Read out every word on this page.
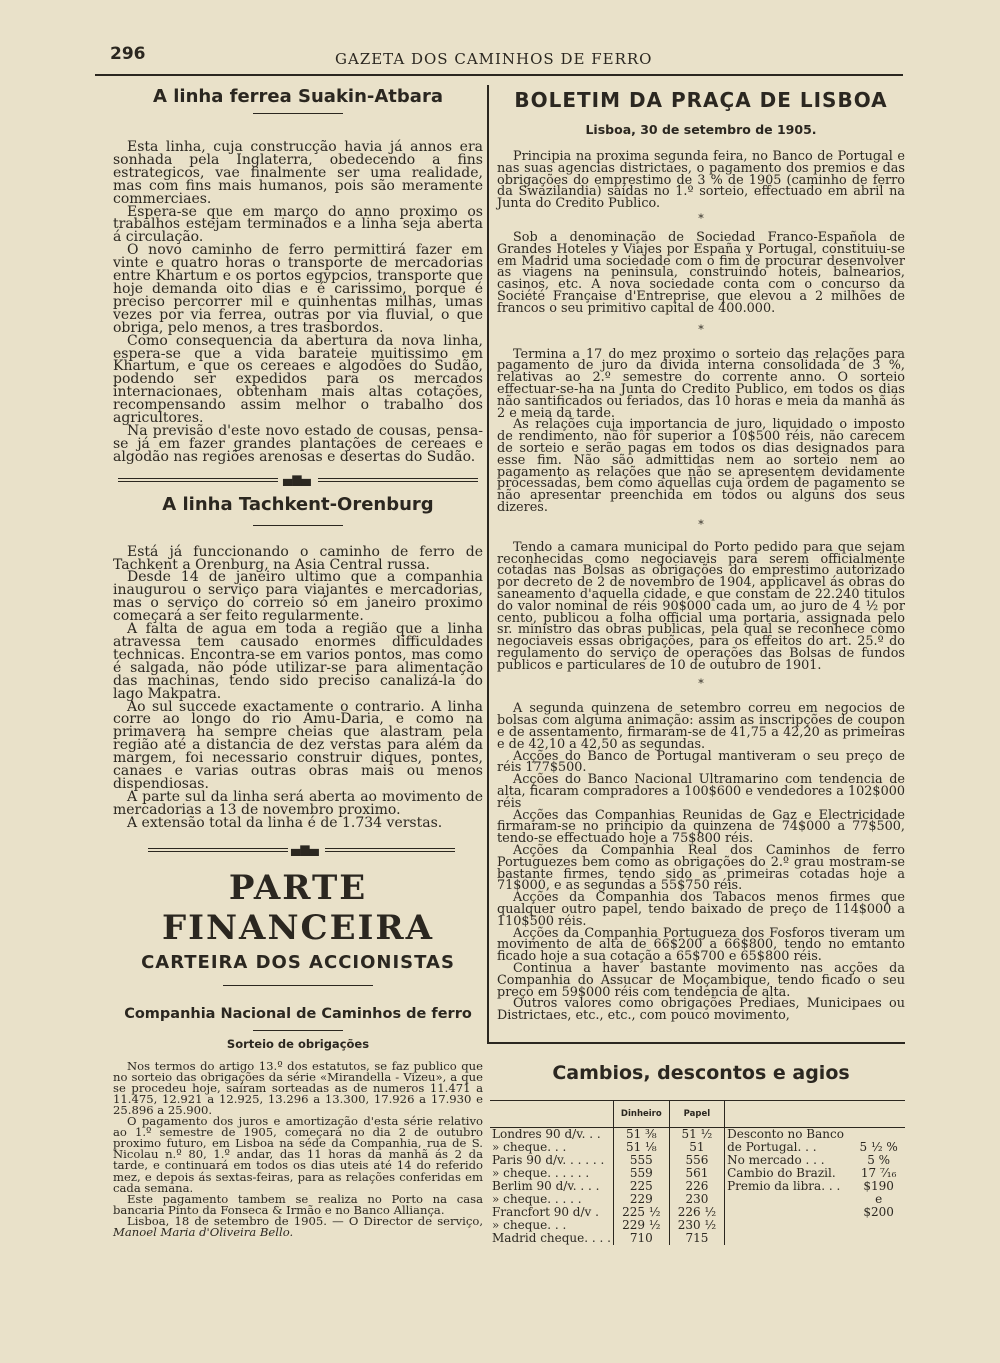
296	GAZETA DOS CAMINHOS DE FERRO
A linha ferrea Suakin-Atbara

Esta linha, cuja construcção havia já annos era sonhada pela Inglaterra, obedecendo a fins estrategicos, vae finalmente ser uma realidade, mas com fins mais humanos, pois são meramente commerciaes.

Espera-se que em março do anno proximo os trabalhos estejam terminados e a linha seja aberta á circulação.

O novo caminho de ferro permittirá fazer em vinte e quatro horas o transporte de mercadorias entre Khartum e os portos egypcios, transporte que hoje demanda oito dias e é carissimo, porque é preciso percorrer mil e quinhentas milhas, umas vezes por via ferrea, outras por via fluvial, o que obriga, pelo menos, a tres trasbordos.

Como consequencia da abertura da nova linha, espera-se que a vida barateie muitissimo em Khartum, e que os cereaes e algodões do Sudão, podendo ser expedidos para os mercados internacionaes, obtenham mais altas cotações, recompensando assim melhor o trabalho dos agricultores.

Na previsão d'este novo estado de cousas, pensa-se já em fazer grandes plantações de cereaes e algodão nas regiões arenosas e desertas do Sudão.

▄▆▄
A linha Tachkent-Orenburg

Está já funccionando o caminho de ferro de Tachkent a Orenburg, na Asia Central russa.

Desde 14 de janeiro ultimo que a companhia inaugurou o serviço para viajantes e mercadorias, mas o serviço do correio só em janeiro proximo começará a ser feito regularmente.

A falta de agua em toda a região que a linha atravessa tem causado enormes difficuldades technicas. Encontra-se em varios pontos, mas como é salgada, não póde utilizar-se para alimentação das machinas, tendo sido preciso canalizá-la do lago Makpatra.

Ao sul succede exactamente o contrario. A linha corre ao longo do rio Amu-Daria, e como na primavera ha sempre cheias que alastram pela região até a distancia de dez verstas para além da margem, foi necessario construir diques, pontes, canaes e varias outras obras mais ou menos dispendiosas.

A parte sul da linha será aberta ao movimento de mercadorias a 13 de novembro proximo.

A extensão total da linha é de 1.734 verstas.

▄▆▄
PARTE FINANCEIRA
CARTEIRA DOS ACCIONISTAS
Companhia Nacional de Caminhos de ferro
Sorteio de obrigações

Nos termos do artigo 13.º dos estatutos, se faz publico que no sorteio das obrigações da série «Mirandella - Vizeu», a que se procedeu hoje, saíram sorteadas as de numeros 11.471 a 11.475, 12.921 a 12.925, 13.296 a 13.300, 17.926 a 17.930 e 25.896 a 25.900.

O pagamento dos juros e amortização d'esta série relativo ao 1.º semestre de 1905, começará no dia 2 de outubro proximo futuro, em Lisboa na séde da Companhia, rua de S. Nicolau n.º 80, 1.º andar, das 11 horas da manhã ás 2 da tarde, e continuará em todos os dias uteis até 14 do referido mez, e depois ás sextas-feiras, para as relações conferidas em cada semana.

Este pagamento tambem se realiza no Porto na casa bancaria Pinto da Fonseca & Irmão e no Banco Alliança.

Lisboa, 18 de setembro de 1905. — O Director de serviço, Manoel Maria d'Oliveira Bello.

BOLETIM DA PRAÇA DE LISBOA

Lisboa, 30 de setembro de 1905.

Principia na proxima segunda feira, no Banco de Portugal e nas suas agencias districtaes, o pagamento dos premios e das obrigações do emprestimo de 3 % de 1905 (caminho de ferro da Swazilandia) saídas no 1.º sorteio, effectuado em abril na Junta do Credito Publico.

*

Sob a denominação de Sociedad Franco-Española de Grandes Hoteles y Viajes por España y Portugal, constituiu-se em Madrid uma sociedade com o fim de procurar desenvolver as viagens na peninsula, construindo hoteis, balnearios, casinos, etc. A nova sociedade conta com o concurso da Société Française d'Entreprise, que elevou a 2 milhões de francos o seu primitivo capital de 400.000.

*

Termina a 17 do mez proximo o sorteio das relações para pagamento de juro da divida interna consolidada de 3 %, relativas ao 2.º semestre do corrente anno. O sorteio effectuar-se-ha na Junta do Credito Publico, em todos os dias não santificados ou feriados, das 10 horas e meia da manhã ás 2 e meia da tarde.

As relações cuja importancia de juro, liquidado o imposto de rendimento, não fôr superior a 10$500 réis, não carecem de sorteio e serão pagas em todos os dias designados para esse fim. Não são admittidas nem ao sorteio nem ao pagamento as relações que não se apresentem devidamente processadas, bem como aquellas cuja ordem de pagamento se não apresentar preenchida em todos ou alguns dos seus dizeres.

*

Tendo a camara municipal do Porto pedido para que sejam reconhecidas como negociaveis para serem officialmente cotadas nas Bolsas as obrigações do emprestimo autorizado por decreto de 2 de novembro de 1904, applicavel ás obras do saneamento d'aquella cidade, e que constam de 22.240 titulos do valor nominal de réis 90$000 cada um, ao juro de 4 ½ por cento, publicou a folha official uma portaria, assignada pelo sr. ministro das obras publicas, pela qual se reconhece como negociaveis essas obrigações, para os effeitos do art. 25.º do regulamento do serviço de operações das Bolsas de fundos publicos e particulares de 10 de outubro de 1901.

*

A segunda quinzena de setembro correu em negocios de bolsas com alguma animação: assim as inscripções de coupon e de assentamento, firmaram-se de 41,75 a 42,20 as primeiras e de 42,10 a 42,50 as segundas.

Acções do Banco de Portugal mantiveram o seu preço de réis 177$500.

Acções do Banco Nacional Ultramarino com tendencia de alta, ficaram compradores a 100$600 e vendedores a 102$000 réis

Acções das Companhias Reunidas de Gaz e Electricidade firmaram-se no principio da quinzena de 74$000 a 77$500, tendo-se effectuado hoje a 75$800 réis.

Acções da Companhia Real dos Caminhos de ferro Portuguezes bem como as obrigações do 2.º grau mostram-se bastante firmes, tendo sido as primeiras cotadas hoje a 71$000, e as segundas a 55$750 réis.

Acções da Companhia dos Tabacos menos firmes que qualquer outro papel, tendo baixado de preço de 114$000 a 110$500 réis.

Acções da Companhia Portugueza dos Fosforos tiveram um movimento de alta de 66$200 a 66$800, tendo no emtanto ficado hoje a sua cotação a 65$700 e 65$800 réis.

Continua a haver bastante movimento nas acções da Companhia do Assucar de Moçambique, tendo ficado o seu preço em 59$000 réis com tendencia de alta.

Outros valores como obrigações Prediaes, Municipaes ou Districtaes, etc., etc., com pouco movimento,

Cambios, descontos e agios
	Dinheiro	Papel		
Londres 90 d/v. . .	51 ⅜	51 ½	Desconto no Banco	
» cheque. . .	51 ⅛	51	de Portugal. . .	5 ½ %
Paris 90 d/v. . . . . .	555	556	No mercado . . .	5 %
» cheque. . . . . .	559	561	Cambio do Brazil.	17 ⁷⁄₁₆
Berlim 90 d/v. . . .	225	226	Premio da libra. . .	$190
» cheque. . . . .	229	230		e
Francfort 90 d/v .	225 ½	226 ½		$200
» cheque. . .	229 ½	230 ½		
Madrid cheque. . . .	710	715		
